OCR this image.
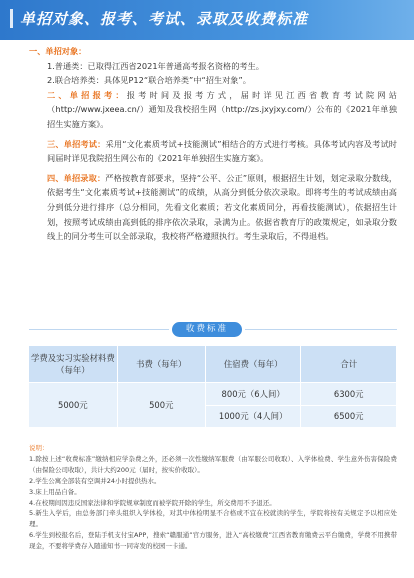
单招对象、报考、考试、录取及收费标准

一、单招对象：

1.普通类：已取得江西省2021年普通高考报名资格的考生。

2.联合培养类：具体见P12“联合培养类”中“招生对象”。

二、单招报考：报考时间及报考方式，届时详见江西省教育考试院网站（http://www.jxeea.cn/）通知及我校招生网（http://zs.jxyjxy.com/）公布的《2021年单独招生实施方案》。

三、单招考试：采用“文化素质考试+技能测试”相结合的方式进行考核。具体考试内容及考试时间届时详见我院招生网公布的《2021年单独招生实施方案》。

四、单招录取：严格按教育部要求，坚持“公平、公正”原则，根据招生计划，划定录取分数线，依据考生“文化素质考试+技能测试”的成绩，从高分到低分依次录取。即将考生的考试成绩由高分到低分进行排序（总分相同，先看文化素质；若文化素质同分，再看技能测试），依据招生计划，按照考试成绩由高到低的排序依次录取，录满为止。依据省教育厅的政策规定，如录取分数线上的同分考生可以全部录取，我校将严格遵照执行。考生录取后，不得退档。

收费标准
学费及实习实验材料费（每年）	书费（每年）	住宿费（每年）	合计
5000元	500元	800元（6人间）	6300元
		1000元（4人间）	6500元

说明：

1.除按上述“收费标准”缴纳相应学杂费之外，还必须一次性缴纳军服费（由军服公司收取）、入学体检费、学生意外伤害保险费（由保险公司收取），共计大约200元（届时，按实价收取）。

2.学生公寓全部装有空调并24小时提供热水。

3.床上用品自备。

4.在校期间因违反国家法律和学院规章制度而被学院开除的学生，所交费用不予退还。

5.新生入学后，由总务部门牵头组织入学体检，对其中体检明显不合格或不宜在校就读的学生，学院将按有关规定予以相应处理。

6.学生到校报名后，登陆手机支付宝APP，搜索“赣服通”官方服务，进入“高校缴费”江西省教育缴费云平台缴费，学费不用携带现金，不要将学费存入随通知书一同寄发的校园一卡通。
